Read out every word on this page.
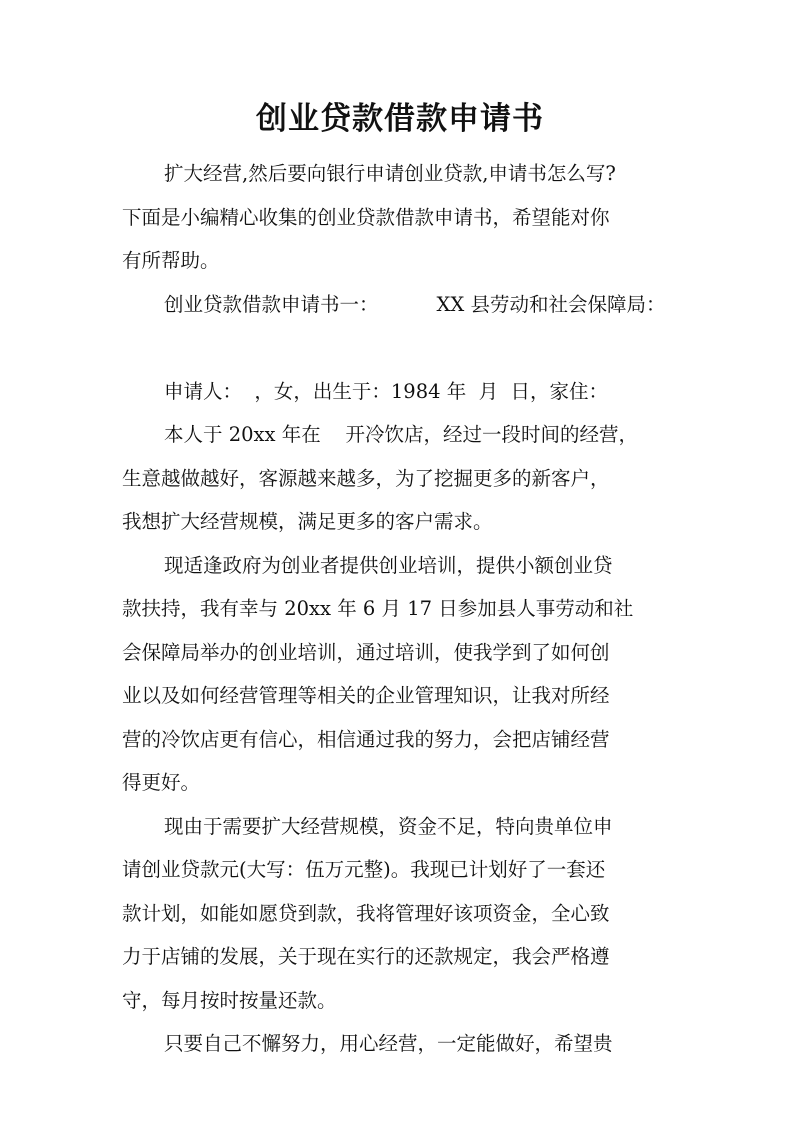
创业贷款借款申请书
扩大经营,然后要向银行申请创业贷款,申请书怎么写?
下面是小编精心收集的创业贷款借款申请书，希望能对你
有所帮助。
创业贷款借款申请书一：	XX 县劳动和社会保障局：
申请人：  ，女，出生于：1984 年  月  日，家住：
本人于 20xx 年在    开冷饮店，经过一段时间的经营，
生意越做越好，客源越来越多，为了挖掘更多的新客户，
我想扩大经营规模，满足更多的客户需求。
现适逢政府为创业者提供创业培训，提供小额创业贷
款扶持，我有幸与 20xx 年 6 月 17 日参加县人事劳动和社
会保障局举办的创业培训，通过培训，使我学到了如何创
业以及如何经营管理等相关的企业管理知识，让我对所经
营的冷饮店更有信心，相信通过我的努力，会把店铺经营
得更好。
现由于需要扩大经营规模，资金不足，特向贵单位申
请创业贷款元(大写：伍万元整)。我现已计划好了一套还
款计划，如能如愿贷到款，我将管理好该项资金，全心致
力于店铺的发展，关于现在实行的还款规定，我会严格遵
守，每月按时按量还款。
只要自己不懈努力，用心经营，一定能做好，希望贵
